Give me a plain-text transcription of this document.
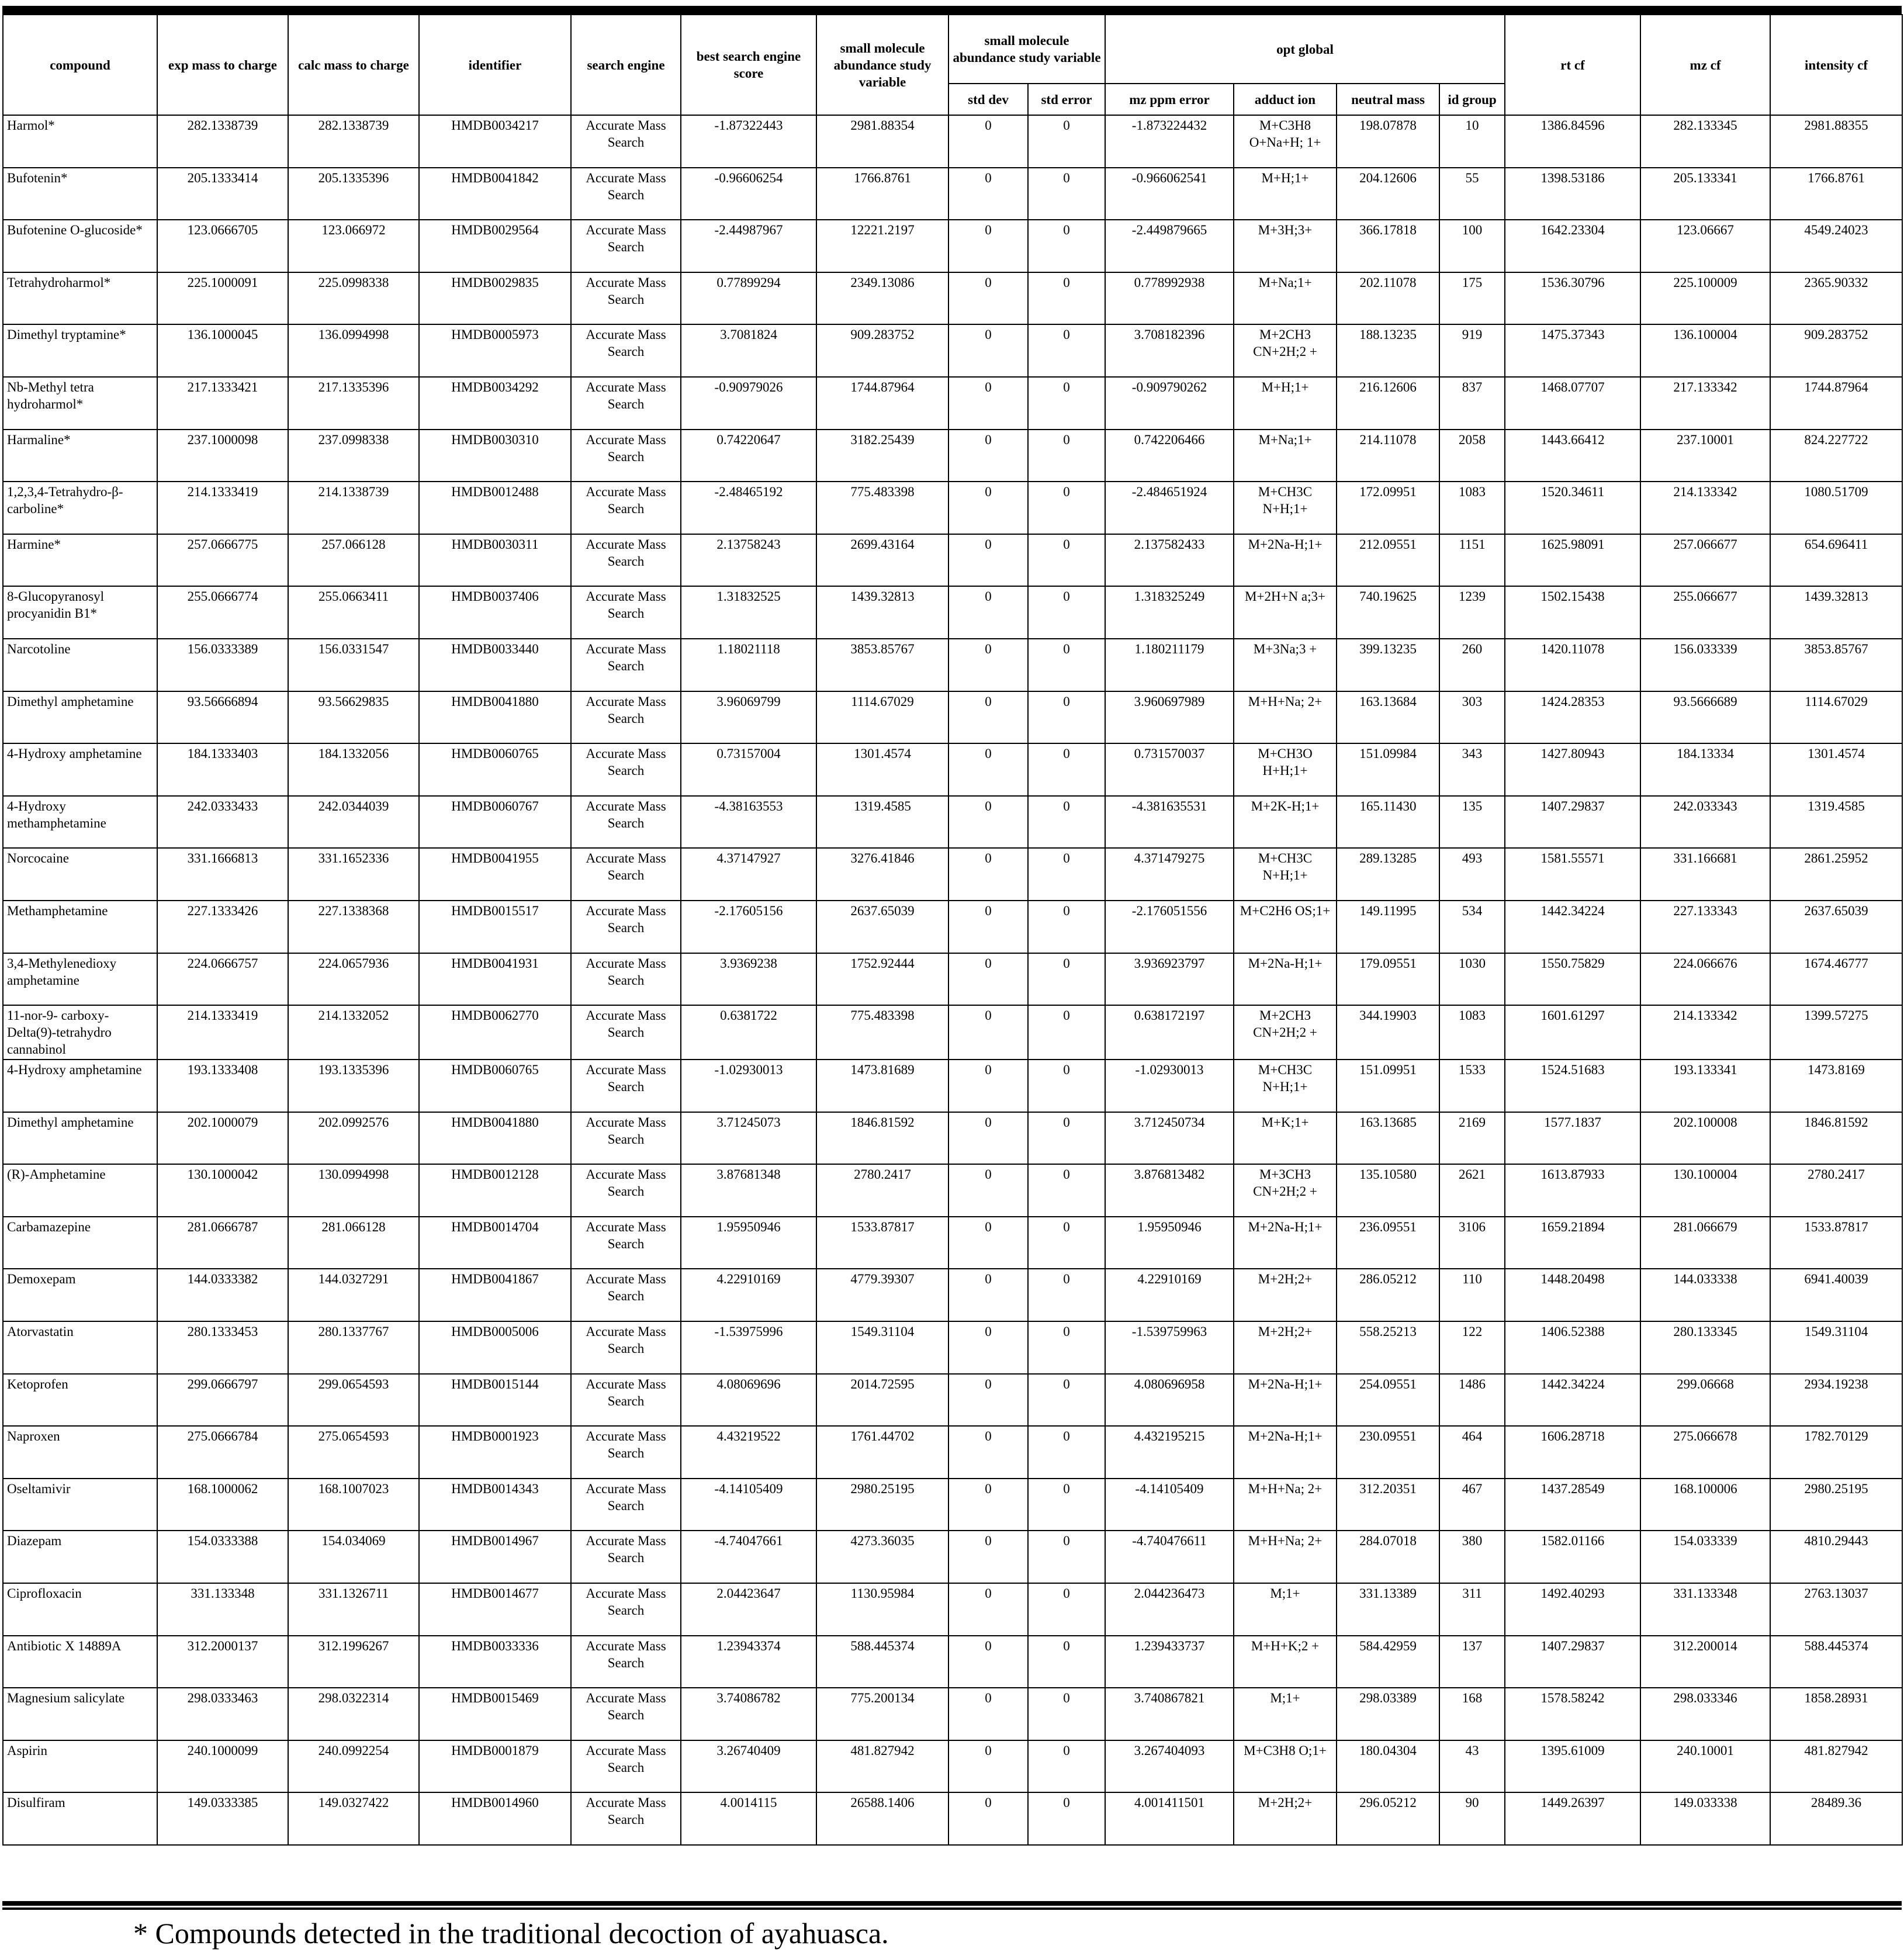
compound	exp mass to charge	calc mass to charge	identifier	search engine	best search engine score	small molecule abundance study variable	small molecule abundance study variable		opt global				rt cf	mz cf	intensity cf
							std dev	std error	mz ppm error	adduct ion	neutral mass	id group			
Harmol*	282.1338739	282.1338739	HMDB0034217	Accurate Mass Search	-1.87322443	2981.88354	0	0	-1.873224432	M+C3H8 O+Na+H; 1+	198.07878	10	1386.84596	282.133345	2981.88355
Bufotenin*	205.1333414	205.1335396	HMDB0041842	Accurate Mass Search	-0.96606254	1766.8761	0	0	-0.966062541	M+H;1+	204.12606	55	1398.53186	205.133341	1766.8761
Bufotenine O-glucoside*	123.0666705	123.066972	HMDB0029564	Accurate Mass Search	-2.44987967	12221.2197	0	0	-2.449879665	M+3H;3+	366.17818	100	1642.23304	123.06667	4549.24023
Tetrahydroharmol*	225.1000091	225.0998338	HMDB0029835	Accurate Mass Search	0.77899294	2349.13086	0	0	0.778992938	M+Na;1+	202.11078	175	1536.30796	225.100009	2365.90332
Dimethyl tryptamine*	136.1000045	136.0994998	HMDB0005973	Accurate Mass Search	3.7081824	909.283752	0	0	3.708182396	M+2CH3 CN+2H;2 +	188.13235	919	1475.37343	136.100004	909.283752
Nb-Methyl tetra hydroharmol*	217.1333421	217.1335396	HMDB0034292	Accurate Mass Search	-0.90979026	1744.87964	0	0	-0.909790262	M+H;1+	216.12606	837	1468.07707	217.133342	1744.87964
Harmaline*	237.1000098	237.0998338	HMDB0030310	Accurate Mass Search	0.74220647	3182.25439	0	0	0.742206466	M+Na;1+	214.11078	2058	1443.66412	237.10001	824.227722
1,2,3,4-Tetrahydro-β- carboline*	214.1333419	214.1338739	HMDB0012488	Accurate Mass Search	-2.48465192	775.483398	0	0	-2.484651924	M+CH3C N+H;1+	172.09951	1083	1520.34611	214.133342	1080.51709
Harmine*	257.0666775	257.066128	HMDB0030311	Accurate Mass Search	2.13758243	2699.43164	0	0	2.137582433	M+2Na-H;1+	212.09551	1151	1625.98091	257.066677	654.696411
8-Glucopyranosyl procyanidin B1*	255.0666774	255.0663411	HMDB0037406	Accurate Mass Search	1.31832525	1439.32813	0	0	1.318325249	M+2H+N a;3+	740.19625	1239	1502.15438	255.066677	1439.32813
Narcotoline	156.0333389	156.0331547	HMDB0033440	Accurate Mass Search	1.18021118	3853.85767	0	0	1.180211179	M+3Na;3 +	399.13235	260	1420.11078	156.033339	3853.85767
Dimethyl amphetamine	93.56666894	93.56629835	HMDB0041880	Accurate Mass Search	3.96069799	1114.67029	0	0	3.960697989	M+H+Na; 2+	163.13684	303	1424.28353	93.5666689	1114.67029
4-Hydroxy amphetamine	184.1333403	184.1332056	HMDB0060765	Accurate Mass Search	0.73157004	1301.4574	0	0	0.731570037	M+CH3O H+H;1+	151.09984	343	1427.80943	184.13334	1301.4574
4-Hydroxy methamphetamine	242.0333433	242.0344039	HMDB0060767	Accurate Mass Search	-4.38163553	1319.4585	0	0	-4.381635531	M+2K-H;1+	165.11430	135	1407.29837	242.033343	1319.4585
Norcocaine	331.1666813	331.1652336	HMDB0041955	Accurate Mass Search	4.37147927	3276.41846	0	0	4.371479275	M+CH3C N+H;1+	289.13285	493	1581.55571	331.166681	2861.25952
Methamphetamine	227.1333426	227.1338368	HMDB0015517	Accurate Mass Search	-2.17605156	2637.65039	0	0	-2.176051556	M+C2H6 OS;1+	149.11995	534	1442.34224	227.133343	2637.65039
3,4-Methylenedioxy amphetamine	224.0666757	224.0657936	HMDB0041931	Accurate Mass Search	3.9369238	1752.92444	0	0	3.936923797	M+2Na-H;1+	179.09551	1030	1550.75829	224.066676	1674.46777
11-nor-9- carboxy-Delta(9)-tetrahydro cannabinol	214.1333419	214.1332052	HMDB0062770	Accurate Mass Search	0.6381722	775.483398	0	0	0.638172197	M+2CH3 CN+2H;2 +	344.19903	1083	1601.61297	214.133342	1399.57275
4-Hydroxy amphetamine	193.1333408	193.1335396	HMDB0060765	Accurate Mass Search	-1.02930013	1473.81689	0	0	-1.02930013	M+CH3C N+H;1+	151.09951	1533	1524.51683	193.133341	1473.8169
Dimethyl amphetamine	202.1000079	202.0992576	HMDB0041880	Accurate Mass Search	3.71245073	1846.81592	0	0	3.712450734	M+K;1+	163.13685	2169	1577.1837	202.100008	1846.81592
(R)-Amphetamine	130.1000042	130.0994998	HMDB0012128	Accurate Mass Search	3.87681348	2780.2417	0	0	3.876813482	M+3CH3 CN+2H;2 +	135.10580	2621	1613.87933	130.100004	2780.2417
Carbamazepine	281.0666787	281.066128	HMDB0014704	Accurate Mass Search	1.95950946	1533.87817	0	0	1.95950946	M+2Na-H;1+	236.09551	3106	1659.21894	281.066679	1533.87817
Demoxepam	144.0333382	144.0327291	HMDB0041867	Accurate Mass Search	4.22910169	4779.39307	0	0	4.22910169	M+2H;2+	286.05212	110	1448.20498	144.033338	6941.40039
Atorvastatin	280.1333453	280.1337767	HMDB0005006	Accurate Mass Search	-1.53975996	1549.31104	0	0	-1.539759963	M+2H;2+	558.25213	122	1406.52388	280.133345	1549.31104
Ketoprofen	299.0666797	299.0654593	HMDB0015144	Accurate Mass Search	4.08069696	2014.72595	0	0	4.080696958	M+2Na-H;1+	254.09551	1486	1442.34224	299.06668	2934.19238
Naproxen	275.0666784	275.0654593	HMDB0001923	Accurate Mass Search	4.43219522	1761.44702	0	0	4.432195215	M+2Na-H;1+	230.09551	464	1606.28718	275.066678	1782.70129
Oseltamivir	168.1000062	168.1007023	HMDB0014343	Accurate Mass Search	-4.14105409	2980.25195	0	0	-4.14105409	M+H+Na; 2+	312.20351	467	1437.28549	168.100006	2980.25195
Diazepam	154.0333388	154.034069	HMDB0014967	Accurate Mass Search	-4.74047661	4273.36035	0	0	-4.740476611	M+H+Na; 2+	284.07018	380	1582.01166	154.033339	4810.29443
Ciprofloxacin	331.133348	331.1326711	HMDB0014677	Accurate Mass Search	2.04423647	1130.95984	0	0	2.044236473	M;1+	331.13389	311	1492.40293	331.133348	2763.13037
Antibiotic X 14889A	312.2000137	312.1996267	HMDB0033336	Accurate Mass Search	1.23943374	588.445374	0	0	1.239433737	M+H+K;2 +	584.42959	137	1407.29837	312.200014	588.445374
Magnesium salicylate	298.0333463	298.0322314	HMDB0015469	Accurate Mass Search	3.74086782	775.200134	0	0	3.740867821	M;1+	298.03389	168	1578.58242	298.033346	1858.28931
Aspirin	240.1000099	240.0992254	HMDB0001879	Accurate Mass Search	3.26740409	481.827942	0	0	3.267404093	M+C3H8 O;1+	180.04304	43	1395.61009	240.10001	481.827942
Disulfiram	149.0333385	149.0327422	HMDB0014960	Accurate Mass Search	4.0014115	26588.1406	0	0	4.001411501	M+2H;2+	296.05212	90	1449.26397	149.033338	28489.36
* Compounds detected in the traditional decoction of ayahuasca.
